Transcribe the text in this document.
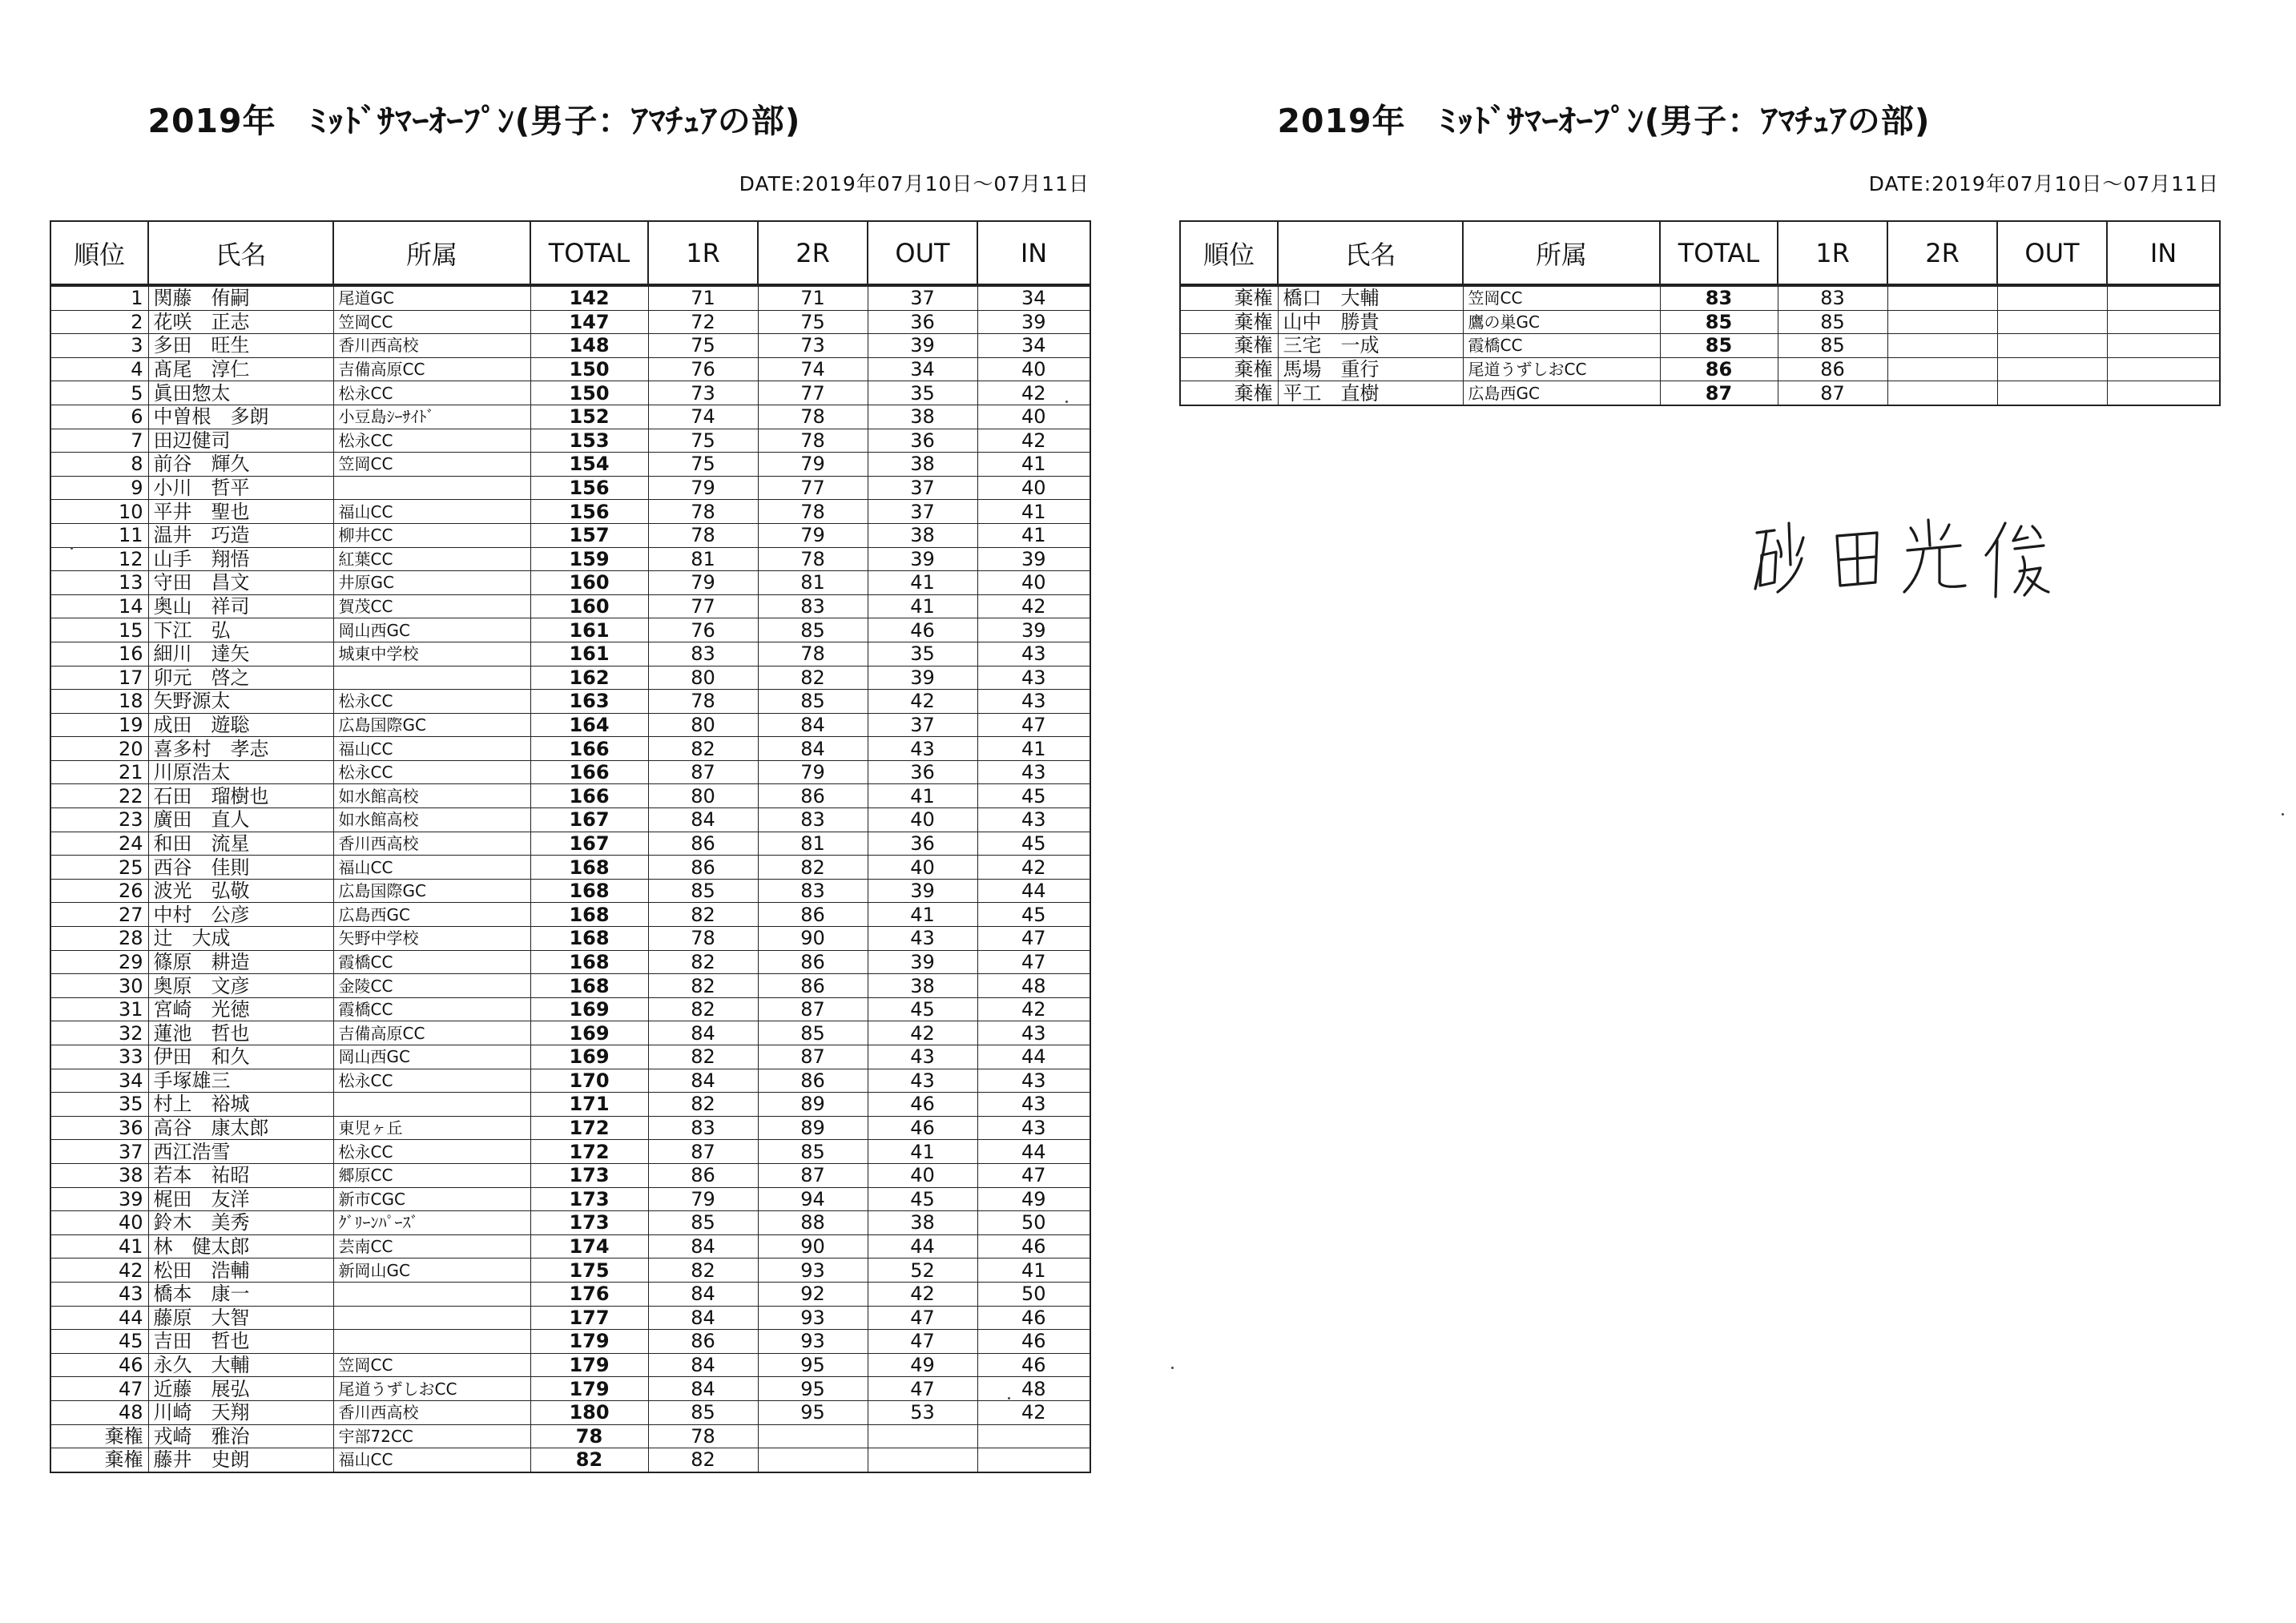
2019年　ﾐｯﾄﾞｻﾏｰｵｰﾌﾟﾝ(男子：ｱﾏﾁｭｱの部)
DATE:2019年07月10日～07月11日
順位	氏名	所属	TOTAL	1R	2R	OUT	IN
1	関藤　侑嗣	尾道GC	142	71	71	37	34
2	花咲　正志	笠岡CC	147	72	75	36	39
3	多田　旺生	香川西高校	148	75	73	39	34
4	髙尾　淳仁	吉備高原CC	150	76	74	34	40
5	眞田惣太	松永CC	150	73	77	35	42
6	中曽根　多朗	小豆島ｼｰｻｲﾄﾞ	152	74	78	38	40
7	田辺健司	松永CC	153	75	78	36	42
8	前谷　輝久	笠岡CC	154	75	79	38	41
9	小川　哲平		156	79	77	37	40
10	平井　聖也	福山CC	156	78	78	37	41
11	温井　巧造	柳井CC	157	78	79	38	41
12	山手　翔悟	紅葉CC	159	81	78	39	39
13	守田　昌文	井原GC	160	79	81	41	40
14	奥山　祥司	賀茂CC	160	77	83	41	42
15	下江　弘	岡山西GC	161	76	85	46	39
16	細川　達矢	城東中学校	161	83	78	35	43
17	卯元　啓之		162	80	82	39	43
18	矢野源太	松永CC	163	78	85	42	43
19	成田　遊聡	広島国際GC	164	80	84	37	47
20	喜多村　孝志	福山CC	166	82	84	43	41
21	川原浩太	松永CC	166	87	79	36	43
22	石田　瑠樹也	如水館高校	166	80	86	41	45
23	廣田　直人	如水館高校	167	84	83	40	43
24	和田　流星	香川西高校	167	86	81	36	45
25	西谷　佳則	福山CC	168	86	82	40	42
26	波光　弘敬	広島国際GC	168	85	83	39	44
27	中村　公彦	広島西GC	168	82	86	41	45
28	辻　大成	矢野中学校	168	78	90	43	47
29	篠原　耕造	霞橋CC	168	82	86	39	47
30	奥原　文彦	金陵CC	168	82	86	38	48
31	宮崎　光徳	霞橋CC	169	82	87	45	42
32	蓮池　哲也	吉備高原CC	169	84	85	42	43
33	伊田　和久	岡山西GC	169	82	87	43	44
34	手塚雄三	松永CC	170	84	86	43	43
35	村上　裕城		171	82	89	46	43
36	高谷　康太郎	東児ヶ丘	172	83	89	46	43
37	西江浩雪	松永CC	172	87	85	41	44
38	若本　祐昭	郷原CC	173	86	87	40	47
39	梶田　友洋	新市CGC	173	79	94	45	49
40	鈴木　美秀	ｸﾞﾘｰﾝﾊﾟｰｽﾞ	173	85	88	38	50
41	林　健太郎	芸南CC	174	84	90	44	46
42	松田　浩輔	新岡山GC	175	82	93	52	41
43	橋本　康一		176	84	92	42	50
44	藤原　大智		177	84	93	47	46
45	吉田　哲也		179	86	93	47	46
46	永久　大輔	笠岡CC	179	84	95	49	46
47	近藤　展弘	尾道うずしおCC	179	84	95	47	48
48	川崎　天翔	香川西高校	180	85	95	53	42
棄権	戎崎　雅治	宇部72CC	78	78			
棄権	藤井　史朗	福山CC	82	82			
2019年　ﾐｯﾄﾞｻﾏｰｵｰﾌﾟﾝ(男子：ｱﾏﾁｭｱの部)
DATE:2019年07月10日～07月11日
順位	氏名	所属	TOTAL	1R	2R	OUT	IN
棄権	橋口　大輔	笠岡CC	83	83			
棄権	山中　勝貴	鷹の巣GC	85	85			
棄権	三宅　一成	霞橋CC	85	85			
棄権	馬場　重行	尾道うずしおCC	86	86			
棄権	平工　直樹	広島西GC	87	87			
